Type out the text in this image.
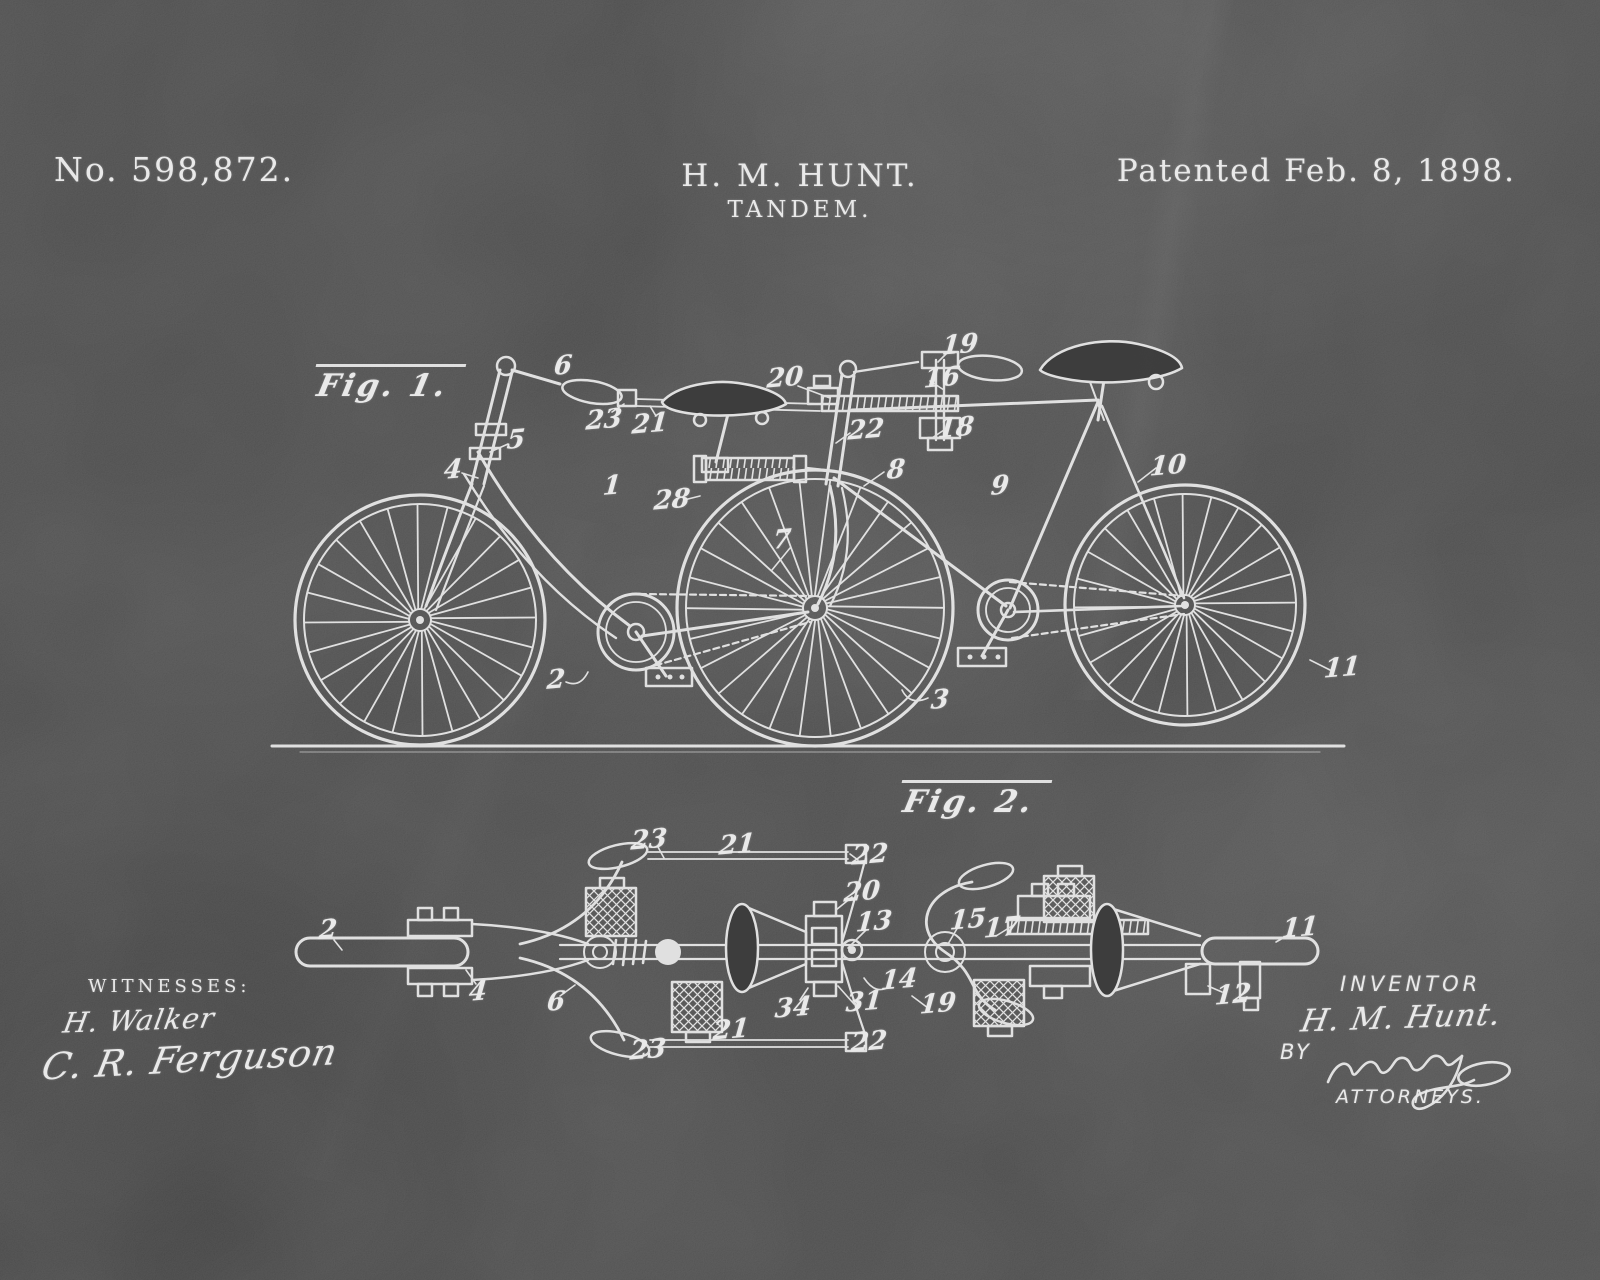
No. 598,872.	H. M. HUNT.
TANDEM.
Patented Feb. 8, 1898.
Fig. 1.
Fig. 2.
6
19
16
20
23 21	22 18
5
4	8
9
10
1 28
7
2
3
11
2
4 6
23 21	22
20
13 15
17
14
31
34	19
21	22
23
11
12
WITNESSES:
H. Walker
C. R. Ferguson
INVENTOR
H. M. Hunt.
BY
ATTORNEYS.
